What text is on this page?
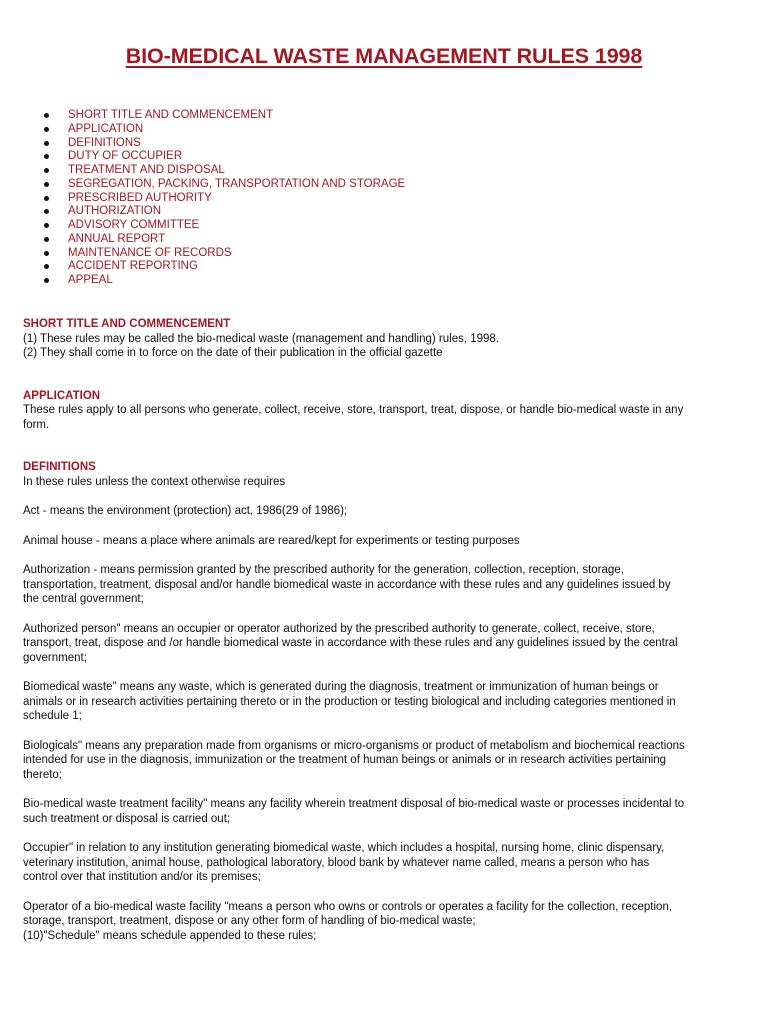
BIO-MEDICAL WASTE MANAGEMENT RULES 1998
SHORT TITLE AND COMMENCEMENT
APPLICATION
DEFINITIONS
DUTY OF OCCUPIER
TREATMENT AND DISPOSAL
SEGREGATION, PACKING, TRANSPORTATION AND STORAGE
PRESCRIBED AUTHORITY
AUTHORIZATION
ADVISORY COMMITTEE
ANNUAL REPORT
MAINTENANCE OF RECORDS
ACCIDENT REPORTING
APPEAL

SHORT TITLE AND COMMENCEMENT

(1) These rules may be called the bio-medical waste (management and handling) rules, 1998.

(2) They shall come in to force on the date of their publication in the official gazette

APPLICATION

These rules apply to all persons who generate, collect, receive, store, transport, treat, dispose, or handle bio-medical waste in any

form.

DEFINITIONS

In these rules unless the context otherwise requires

Act - means the environment (protection) act, 1986(29 of 1986);

Animal house - means a place where animals are reared/kept for experiments or testing purposes

Authorization - means permission granted by the prescribed authority for the generation, collection, reception, storage,

transportation, treatment, disposal and/or handle biomedical waste in accordance with these rules and any guidelines issued by

the central government;

Authorized person" means an occupier or operator authorized by the prescribed authority to generate, collect, receive, store,

transport, treat, dispose and /or handle biomedical waste in accordance with these rules and any guidelines issued by the central

government;

Biomedical waste" means any waste, which is generated during the diagnosis, treatment or immunization of human beings or

animals or in research activities pertaining thereto or in the production or testing biological and including categories mentioned in

schedule 1;

Biologicals" means any preparation made from organisms or micro-organisms or product of metabolism and biochemical reactions

intended for use in the diagnosis, immunization or the treatment of human beings or animals or in research activities pertaining

thereto;

Bio-medical waste treatment facility" means any facility wherein treatment disposal of bio-medical waste or processes incidental to

such treatment or disposal is carried out;

Occupier" in relation to any institution generating biomedical waste, which includes a hospital, nursing home, clinic dispensary,

veterinary institution, animal house, pathological laboratory, blood bank by whatever name called, means a person who has

control over that institution and/or its premises;

Operator of a bio-medical waste facility "means a person who owns or controls or operates a facility for the collection, reception,

storage, transport, treatment, dispose or any other form of handling of bio-medical waste;

(10)"Schedule" means schedule appended to these rules;
